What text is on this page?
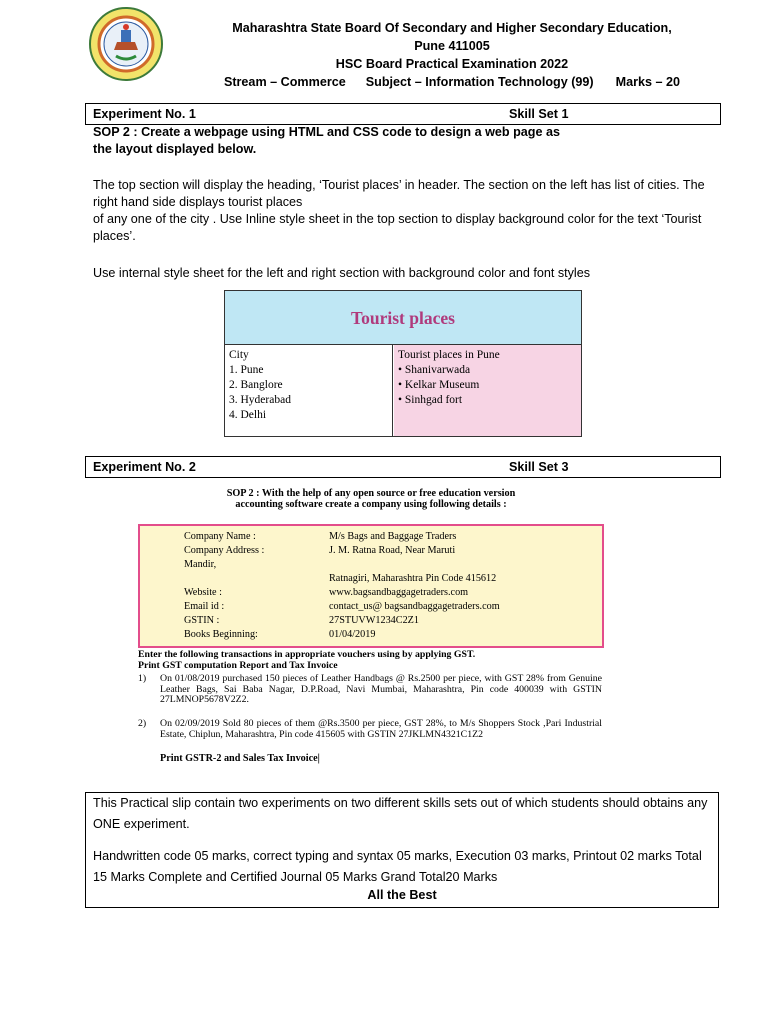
Maharashtra State Board Of Secondary and Higher Secondary Education,
Pune 411005
HSC Board Practical Examination 2022
Stream – Commerce Subject – Information Technology (99) Marks – 20
Experiment No. 1	Skill Set 1
SOP 2 : Create a webpage using HTML and CSS code to design a web page as
the layout displayed below.
The top section will display the heading, ‘Tourist places’ in header. The section on the left has list of cities. The right hand side displays tourist places
of any one of the city . Use Inline style sheet in the top section to display background color for the text ‘Tourist places’.
Use internal style sheet for the left and right section with background color and font styles
Tourist places
City
1. Pune
2. Banglore
3. Hyderabad
4. Delhi
Tourist places in Pune
• Shanivarwada
• Kelkar Museum
• Sinhgad fort
Experiment No. 2	Skill Set 3
SOP 2 : With the help of any open source or free education version
accounting software create a company using following details :
Company Name :	M/s Bags and Baggage Traders
Company Address :	J. M. Ratna Road, Near Maruti
Mandir,
Ratnagiri, Maharashtra Pin Code 415612
Website :	www.bagsandbaggagetraders.com
Email id :	contact_us@ bagsandbaggagetraders.com
GSTIN :	27STUVW1234C2Z1
Books Beginning:	01/04/2019
Enter the following transactions in appropriate vouchers using by applying GST.
Print GST computation Report and Tax Invoice
1) On 01/08/2019 purchased 150 pieces of Leather Handbags @ Rs.2500 per piece, with GST 28% from Genuine Leather Bags, Sai Baba Nagar, D.P.Road, Navi Mumbai, Maharashtra, Pin code 400039 with GSTIN 27LMNOP5678V2Z2.
2) On 02/09/2019 Sold 80 pieces of them @Rs.3500 per piece, GST 28%, to M/s Shoppers Stock ,Pari Industrial Estate, Chiplun, Maharashtra, Pin code 415605 with GSTIN 27JKLMN4321C1Z2
Print GSTR-2 and Sales Tax Invoice|
This Practical slip contain two experiments on two different skills sets out of which students should obtains any ONE experiment.
Handwritten code 05 marks, correct typing and syntax 05 marks, Execution 03 marks, Printout 02 marks Total 15 Marks Complete and Certified Journal 05 Marks Grand Total20 Marks
All the Best
